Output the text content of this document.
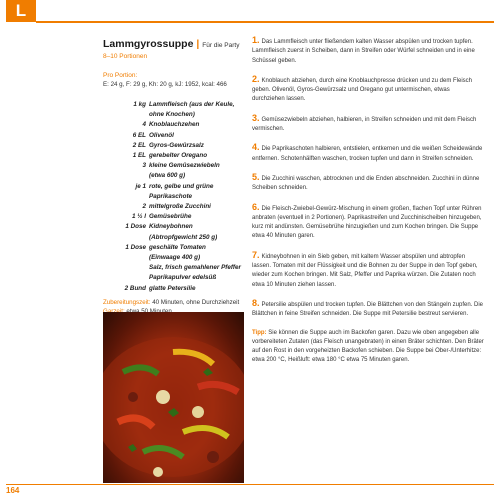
L
Lammgyrossuppe | Für die Party
8–10 Portionen
Pro Portion:
E: 24 g, F: 29 g, Kh: 20 g, kJ: 1952, kcal: 466
1 kg Lammfleisch (aus der Keule,
ohne Knochen)
4 Knoblauchzehen
6 EL Olivenöl
2 EL Gyros-Gewürzsalz
1 EL gerebelter Oregano
3 kleine Gemüsezwiebeln
(etwa 600 g)
je 1 rote, gelbe und grüne
Paprikaschote
2 mittelgroße Zucchini
1 ½ l Gemüsebrühe
1 Dose Kidneybohnen
(Abtropfgewicht 250 g)
1 Dose geschälte Tomaten
(Einwaage 400 g)
Salz, frisch gemahlener Pfeffer
Paprikapulver edelsüß
2 Bund glatte Petersilie
Zubereitungszeit: 40 Minuten, ohne Durchziehzeit
1. Das Lammfleisch unter fließendem kalten Wasser abspülen und trocken tupfen. Lammfleisch zuerst in Scheiben, dann in Streifen oder Würfel schneiden und in eine Schüssel geben.
2. Knoblauch abziehen, durch eine Knoblauchpresse drücken und zu dem Fleisch geben. Olivenöl, Gyros-Gewürzsalz und Oregano gut untermischen, etwas durchziehen lassen.
3. Gemüsezwiebeln abziehen, halbieren, in Streifen schneiden und mit dem Fleisch vermischen.
4. Die Paprikaschoten halbieren, entstielen, entkernen und die weißen Scheidewände entfernen. Schotenhälften waschen, trocken tupfen und dann in Streifen schneiden.
5. Die Zucchini waschen, abtrocknen und die Enden abschneiden. Zucchini in dünne Scheiben schneiden.
6. Die Fleisch-Zwiebel-Gewürz-Mischung in einem großen, flachen Topf unter Rühren anbraten (eventuell in 2 Portionen). Paprikastreifen und Zucchinischeiben hinzugeben, kurz mit andünsten. Gemüsebrühe hinzugießen und zum Kochen bringen. Die Suppe etwa 40 Minuten garen.
7. Kidneybohnen in ein Sieb geben, mit kaltem Wasser abspülen und abtropfen lassen. Tomaten mit der Flüssigkeit und die Bohnen zu der Suppe in den Topf geben, wieder zum Kochen bringen. Mit Salz, Pfeffer und Paprika würzen. Die Zutaten noch etwa 10 Minuten ziehen lassen.
8. Petersilie abspülen und trocken tupfen. Die Blättchen von den Stängeln zupfen. Die Blättchen in feine Streifen schneiden. Die Suppe mit Petersilie bestreut servieren.
Tipp: Sie können die Suppe auch im Backofen garen. Dazu wie oben angegeben alle vorbereiteten Zutaten (das Fleisch unangebraten) in einen Bräter schichten. Den Bräter auf den Rost in den vorgeheizten Backofen schieben. Die Suppe bei Ober-/Unterhitze: etwa 200 °C, Heißluft: etwa 180 °C etwa 75 Minuten garen.
164
